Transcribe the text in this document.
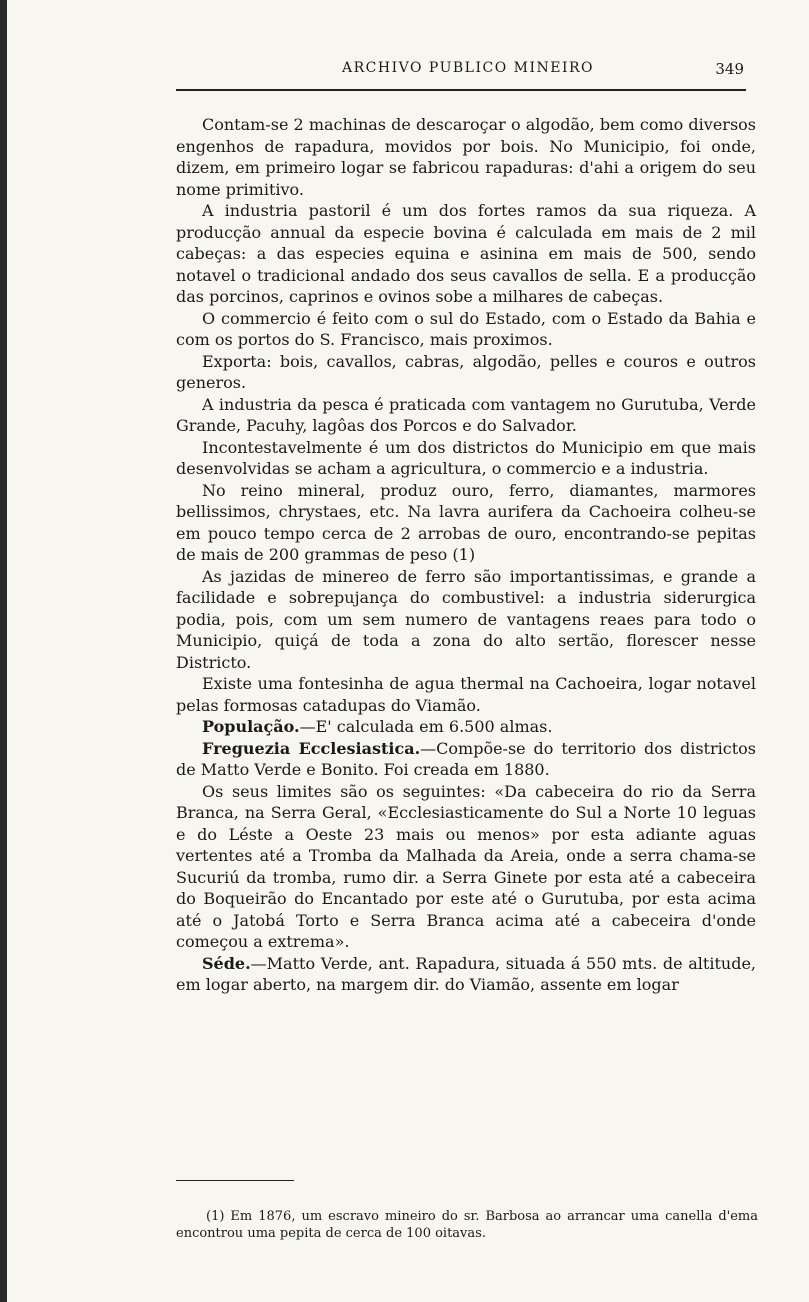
ARCHIVO PUBLICO MINEIRO	349

Contam-se 2 machinas de descaroçar o algodão, bem como diversos engenhos de rapadura, movidos por bois. No Municipio, foi onde, dizem, em primeiro logar se fabricou rapaduras: d'ahi a origem do seu nome primitivo.

A industria pastoril é um dos fortes ramos da sua riqueza. A producção annual da especie bovina é calculada em mais de 2 mil cabeças: a das especies equina e asinina em mais de 500, sendo notavel o tradicional andado dos seus cavallos de sella. E a producção das porcinos, caprinos e ovinos sobe a milhares de cabeças.

O commercio é feito com o sul do Estado, com o Estado da Bahia e com os portos do S. Francisco, mais proximos.

Exporta: bois, cavallos, cabras, algodão, pelles e couros e outros generos.

A industria da pesca é praticada com vantagem no Gurutuba, Verde Grande, Pacuhy, lagôas dos Porcos e do Salvador.

Incontestavelmente é um dos districtos do Municipio em que mais desenvolvidas se acham a agricultura, o commercio e a industria.

No reino mineral, produz ouro, ferro, diamantes, marmores bellissimos, chrystaes, etc. Na lavra aurifera da Cachoeira colheu-se em pouco tempo cerca de 2 arrobas de ouro, encontrando-se pepitas de mais de 200 grammas de peso (1)

As jazidas de minereo de ferro são importantissimas, e grande a facilidade e sobrepujança do combustivel: a industria siderurgica podia, pois, com um sem numero de vantagens reaes para todo o Municipio, quiçá de toda a zona do alto sertão, florescer nesse Districto.

Existe uma fontesinha de agua thermal na Cachoeira, logar notavel pelas formosas catadupas do Viamão.

População.—E' calculada em 6.500 almas.

Freguezia Ecclesiastica.—Compõe-se do territorio dos districtos de Matto Verde e Bonito. Foi creada em 1880.

Os seus limites são os seguintes: «Da cabeceira do rio da Serra Branca, na Serra Geral, «Ecclesiasticamente do Sul a Norte 10 leguas e do Léste a Oeste 23 mais ou menos» por esta adiante aguas vertentes até a Tromba da Malhada da Areia, onde a serra chama-se Sucuriú da tromba, rumo dir. a Serra Ginete por esta até a cabeceira do Boqueirão do Encantado por este até o Gurutuba, por esta acima até o Jatobá Torto e Serra Branca acima até a cabeceira d'onde começou a extrema».

Séde.—Matto Verde, ant. Rapadura, situada á 550 mts. de altitude, em logar aberto, na margem dir. do Viamão, assente em logar

(1) Em 1876, um escravo mineiro do sr. Barbosa ao arrancar uma canella d'ema encontrou uma pepita de cerca de 100 oitavas.
